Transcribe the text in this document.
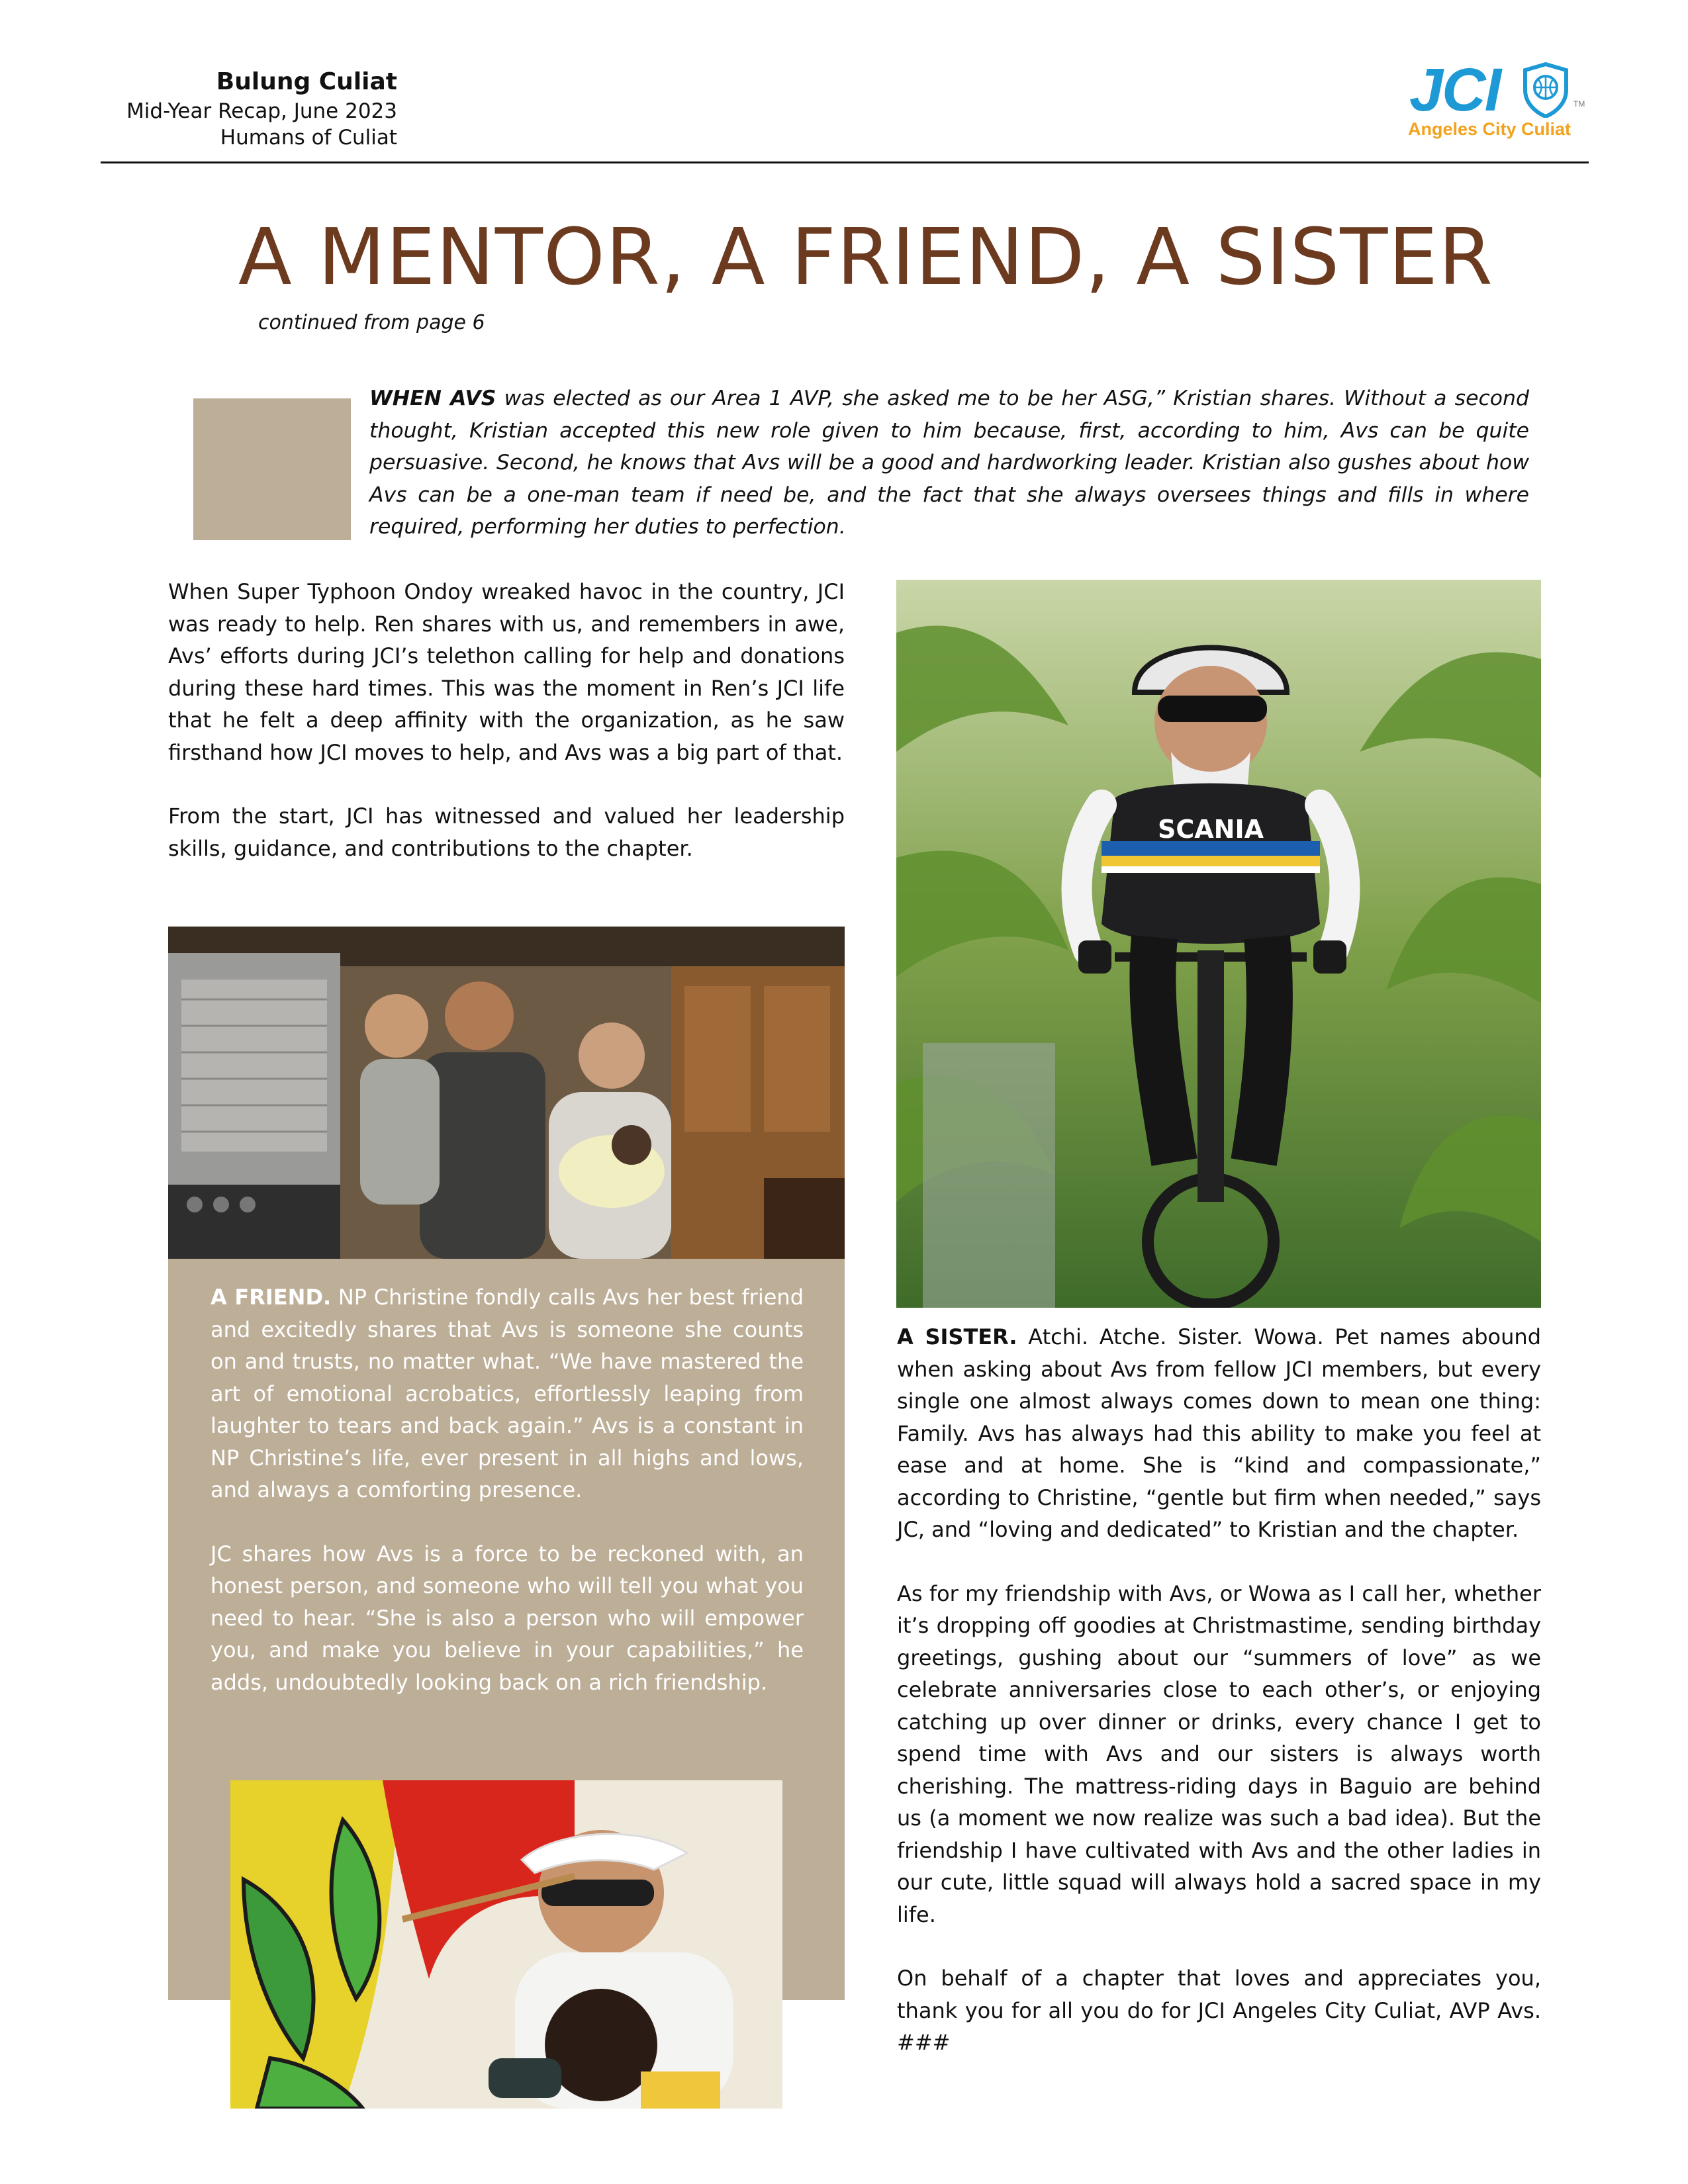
Bulung Culiat
Mid-Year Recap, June 2023
Humans of Culiat
JCI	TM
Angeles City Culiat
A MENTOR, A FRIEND, A SISTER
continued from page 6
WHEN AVS was elected as our Area 1 AVP, she asked me to be her ASG,” Kristian shares. Without a second thought, Kristian accepted this new role given to him because, first, according to him, Avs can be quite persuasive. Second, he knows that Avs will be a good and hardworking leader. Kristian also gushes about how Avs can be a one-man team if need be, and the fact that she always oversees things and fills in where required, performing her duties to perfection.

When Super Typhoon Ondoy wreaked havoc in the country, JCI was ready to help. Ren shares with us, and remembers in awe, Avs’ efforts during JCI’s telethon calling for help and donations during these hard times. This was the moment in Ren’s JCI life that he felt a deep affinity with the organization, as he saw firsthand how JCI moves to help, and Avs was a big part of that.

From the start, JCI has witnessed and valued her leadership skills, guidance, and contributions to the chapter.

A FRIEND. NP Christine fondly calls Avs her best friend and excitedly shares that Avs is someone she counts on and trusts, no matter what. “We have mastered the art of emotional acrobatics, effortlessly leaping from laughter to tears and back again.” Avs is a constant in NP Christine’s life, ever present in all highs and lows, and always a comforting presence.

JC shares how Avs is a force to be reckoned with, an honest person, and someone who will tell you what you need to hear. “She is also a person who will empower you, and make you believe in your capabilities,” he adds, undoubtedly looking back on a rich friendship.

SCANIA

A SISTER. Atchi. Atche. Sister. Wowa. Pet names abound when asking about Avs from fellow JCI members, but every single one almost always comes down to mean one thing: Family. Avs has always had this ability to make you feel at ease and at home. She is “kind and compassionate,” according to Christine, “gentle but firm when needed,” says JC, and “loving and dedicated” to Kristian and the chapter.

As for my friendship with Avs, or Wowa as I call her, whether it’s dropping off goodies at Christmastime, sending birthday greetings, gushing about our “summers of love” as we celebrate anniversaries close to each other’s, or enjoying catching up over dinner or drinks, every chance I get to spend time with Avs and our sisters is always worth cherishing. The mattress-riding days in Baguio are behind us (a moment we now realize was such a bad idea). But the friendship I have cultivated with Avs and the other ladies in our cute, little squad will always hold a sacred space in my life.

On behalf of a chapter that loves and appreciates you, thank you for all you do for JCI Angeles City Culiat, AVP Avs. ###
